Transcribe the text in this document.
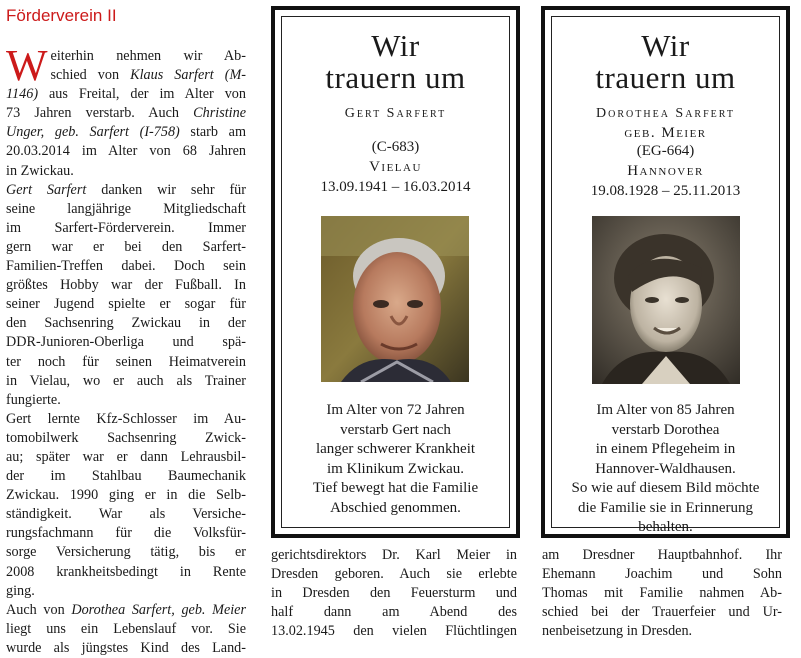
Förderverein II
W eiterhin nehmen wir Ab-
schied von Klaus Sarfert (M-
1146) aus Freital, der im Alter von
73 Jahren verstarb. Auch Christine
Unger, geb. Sarfert (I-758) starb am
20.03.2014 im Alter von 68 Jahren
in Zwickau.
Gert Sarfert danken wir sehr für
seine langjährige Mitgliedschaft
im Sarfert-Förderverein. Immer
gern war er bei den Sarfert-
Familien-Treffen dabei. Doch sein
größtes Hobby war der Fußball. In
seiner Jugend spielte er sogar für
den Sachsenring Zwickau in der
DDR-Junioren-Oberliga und spä-
ter noch für seinen Heimatverein
in Vielau, wo er auch als Trainer
fungierte.
Gert lernte Kfz-Schlosser im Au-
tomobilwerk Sachsenring Zwick-
au; später war er dann Lehrausbil-
der im Stahlbau Baumechanik
Zwickau. 1990 ging er in die Selb-
ständigkeit. War als Versiche-
rungsfachmann für die Volksfür-
sorge Versicherung tätig, bis er
2008 krankheitsbedingt in Rente
ging.
Auch von Dorothea Sarfert, geb. Meier
liegt uns ein Lebenslauf vor. Sie
wurde als jüngstes Kind des Land-
Wir
trauern um
Gert Sarfert
(C-683)
Vielau
13.09.1941 – 16.03.2014
Im Alter von 72 Jahren
verstarb Gert nach
langer schwerer Krankheit
im Klinikum Zwickau.
Tief bewegt hat die Familie
Abschied genommen.
Wir
trauern um
Dorothea Sarfert
geb. Meier
(EG-664)
Hannover
19.08.1928 – 25.11.2013
Im Alter von 85 Jahren
verstarb Dorothea
in einem Pflegeheim in
Hannover-Waldhausen.
So wie auf diesem Bild möchte
die Familie sie in Erinnerung
behalten.
gerichtsdirektors Dr. Karl Meier in
Dresden geboren. Auch sie erlebte
in Dresden den Feuersturm und
half dann am Abend des
13.02.1945 den vielen Flüchtlingen
am Dresdner Hauptbahnhof. Ihr
Ehemann Joachim und Sohn
Thomas mit Familie nahmen Ab-
schied bei der Trauerfeier und Ur-
nenbeisetzung in Dresden.
